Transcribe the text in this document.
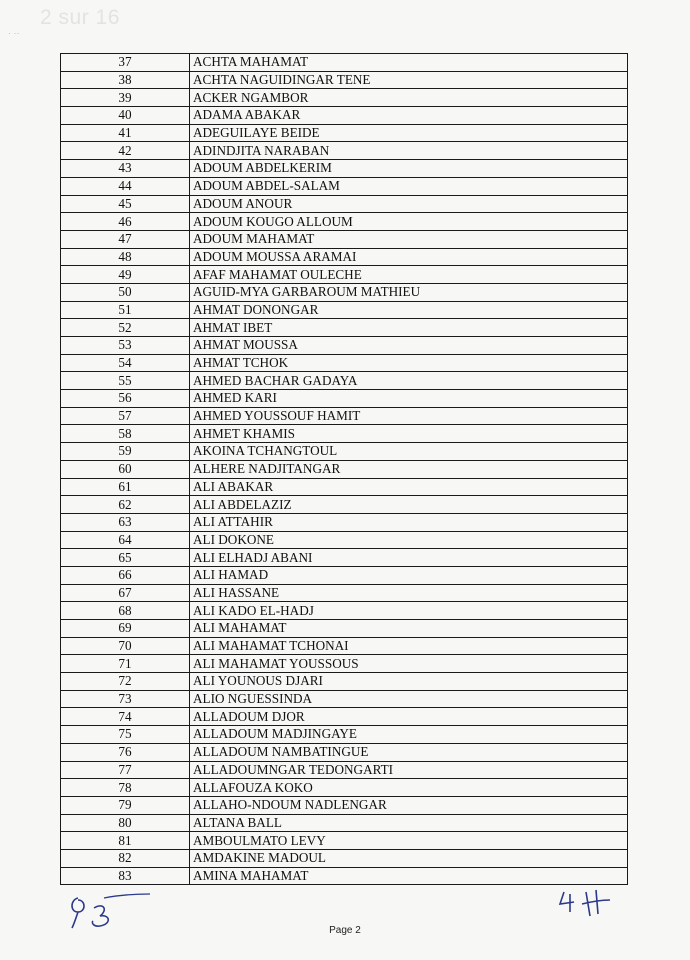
2 sur 16
· ··
37	ACHTA MAHAMAT
38	ACHTA NAGUIDINGAR TENE
39	ACKER NGAMBOR
40	ADAMA ABAKAR
41	ADEGUILAYE BEIDE
42	ADINDJITA NARABAN
43	ADOUM ABDELKERIM
44	ADOUM ABDEL-SALAM
45	ADOUM ANOUR
46	ADOUM KOUGO ALLOUM
47	ADOUM MAHAMAT
48	ADOUM MOUSSA ARAMAI
49	AFAF MAHAMAT OULECHE
50	AGUID-MYA GARBAROUM MATHIEU
51	AHMAT DONONGAR
52	AHMAT IBET
53	AHMAT MOUSSA
54	AHMAT TCHOK
55	AHMED BACHAR GADAYA
56	AHMED KARI
57	AHMED YOUSSOUF HAMIT
58	AHMET KHAMIS
59	AKOINA TCHANGTOUL
60	ALHERE NADJITANGAR
61	ALI ABAKAR
62	ALI ABDELAZIZ
63	ALI ATTAHIR
64	ALI DOKONE
65	ALI ELHADJ ABANI
66	ALI HAMAD
67	ALI HASSANE
68	ALI KADO EL-HADJ
69	ALI MAHAMAT
70	ALI MAHAMAT TCHONAI
71	ALI MAHAMAT YOUSSOUS
72	ALI YOUNOUS DJARI
73	ALIO NGUESSINDA
74	ALLADOUM DJOR
75	ALLADOUM MADJINGAYE
76	ALLADOUM NAMBATINGUE
77	ALLADOUMNGAR TEDONGARTI
78	ALLAFOUZA KOKO
79	ALLAHO-NDOUM NADLENGAR
80	ALTANA BALL
81	AMBOULMATO LEVY
82	AMDAKINE MADOUL
83	AMINA MAHAMAT
Page 2
